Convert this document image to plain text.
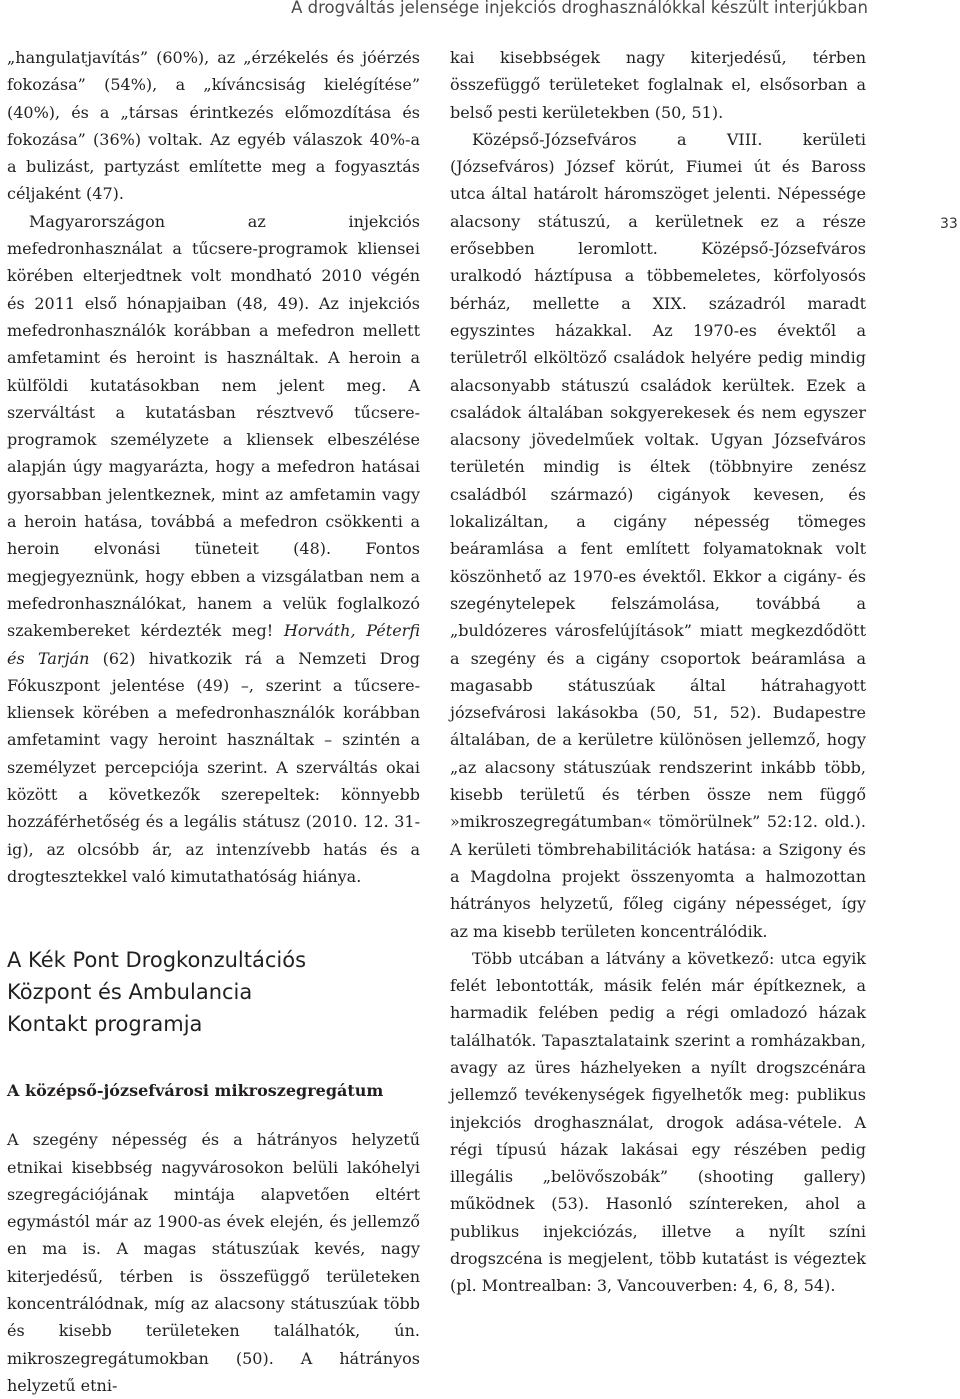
A drogváltás jelensége injekciós droghasználókkal készült interjúkban
33

„hangulatjavítás” (60%), az „érzékelés és jóérzés fokozása” (54%), a „kíváncsiság kielégítése” (40%), és a „társas érintkezés előmozdítása és fokozása” (36%) voltak. Az egyéb válaszok 40%-a a bulizást, partyzást említette meg a fogyasztás céljaként (47).

Magyarországon az injekciós mefedronhasználat a tűcsere-programok kliensei körében elterjedtnek volt mondható 2010 végén és 2011 első hónapjaiban (48, 49). Az injekciós mefedronhasználók korábban a mefedron mellett amfetamint és heroint is használtak. A heroin a külföldi kutatásokban nem jelent meg. A szerváltást a kutatásban résztvevő tűcsere-programok személyzete a kliensek elbeszélése alapján úgy magyarázta, hogy a mefedron hatásai gyorsabban jelentkeznek, mint az amfetamin vagy a heroin hatása, továbbá a mefedron csökkenti a heroin elvonási tüneteit (48). Fontos megjegyeznünk, hogy ebben a vizsgálatban nem a mefedronhasználókat, hanem a velük foglalkozó szakembereket kérdezték meg! Horváth, Péterfi és Tarján (62) hivatkozik rá a Nemzeti Drog Fókuszpont jelentése (49) –, szerint a tűcsere-kliensek körében a mefedronhasználók korábban amfetamint vagy heroint használtak – szintén a személyzet percepciója szerint. A szerváltás okai között a következők szerepeltek: könnyebb hozzáférhetőség és a legális státusz (2010. 12. 31-ig), az olcsóbb ár, az intenzívebb hatás és a drogtesztekkel való kimutathatóság hiánya.

A Kék Pont Drogkonzultációs
Központ és Ambulancia
Kontakt programja
A középső-józsefvárosi mikroszegregátum

A szegény népesség és a hátrányos helyzetű etnikai kisebbség nagyvárosokon belüli lakóhelyi szegregációjának mintája alapvetően eltért egymástól már az 1900-as évek elején, és jellemző en ma is. A magas státuszúak kevés, nagy kiterjedésű, térben is összefüggő területeken koncentrálódnak, míg az alacsony státuszúak több és kisebb területeken találhatók, ún. mikroszegregátumokban (50). A hátrányos helyzetű etni-

kai kisebbségek nagy kiterjedésű, térben összefüggő területeket foglalnak el, elsősorban a belső pesti kerületekben (50, 51).

Középső-Józsefváros a VIII. kerületi (Józsefváros) József körút, Fiumei út és Baross utca által határolt háromszöget jelenti. Népessége alacsony státuszú, a kerületnek ez a része erősebben leromlott. Középső-Józsefváros uralkodó háztípusa a többemeletes, körfolyosós bérház, mellette a XIX. századról maradt egyszintes házakkal. Az 1970-es évektől a területről elköltöző családok helyére pedig mindig alacsonyabb státuszú családok kerültek. Ezek a családok általában sokgyerekesek és nem egyszer alacsony jövedelműek voltak. Ugyan Józsefváros területén mindig is éltek (többnyire zenész családból származó) cigányok kevesen, és lokalizáltan, a cigány népesség tömeges beáramlása a fent említett folyamatoknak volt köszönhető az 1970-es évektől. Ekkor a cigány- és szegénytelepek felszámolása, továbbá a „buldózeres városfelújítások” miatt megkezdődött a szegény és a cigány csoportok beáramlása a magasabb státuszúak által hátrahagyott józsefvárosi lakásokba (50, 51, 52). Budapestre általában, de a kerületre különösen jellemző, hogy „az alacsony státuszúak rendszerint inkább több, kisebb területű és térben össze nem függő »mikroszegregátumban« tömörülnek” 52:12. old.). A kerületi tömbrehabilitációk hatása: a Szigony és a Magdolna projekt összenyomta a halmozottan hátrányos helyzetű, főleg cigány népességet, így az ma kisebb területen koncentrálódik.

Több utcában a látvány a következő: utca egyik felét lebontották, másik felén már építkeznek, a harmadik felében pedig a régi omladozó házak találhatók. Tapasztalataink szerint a romházakban, avagy az üres házhelyeken a nyílt drogszcénára jellemző tevékenységek figyelhetők meg: publikus injekciós droghasználat, drogok adása-vétele. A régi típusú házak lakásai egy részében pedig illegális „belövőszobák” (shooting gallery) működnek (53). Hasonló színtereken, ahol a publikus injekciózás, illetve a nyílt színi drogszcéna is megjelent, több kutatást is végeztek (pl. Montrealban: 3, Vancouverben: 4, 6, 8, 54).
